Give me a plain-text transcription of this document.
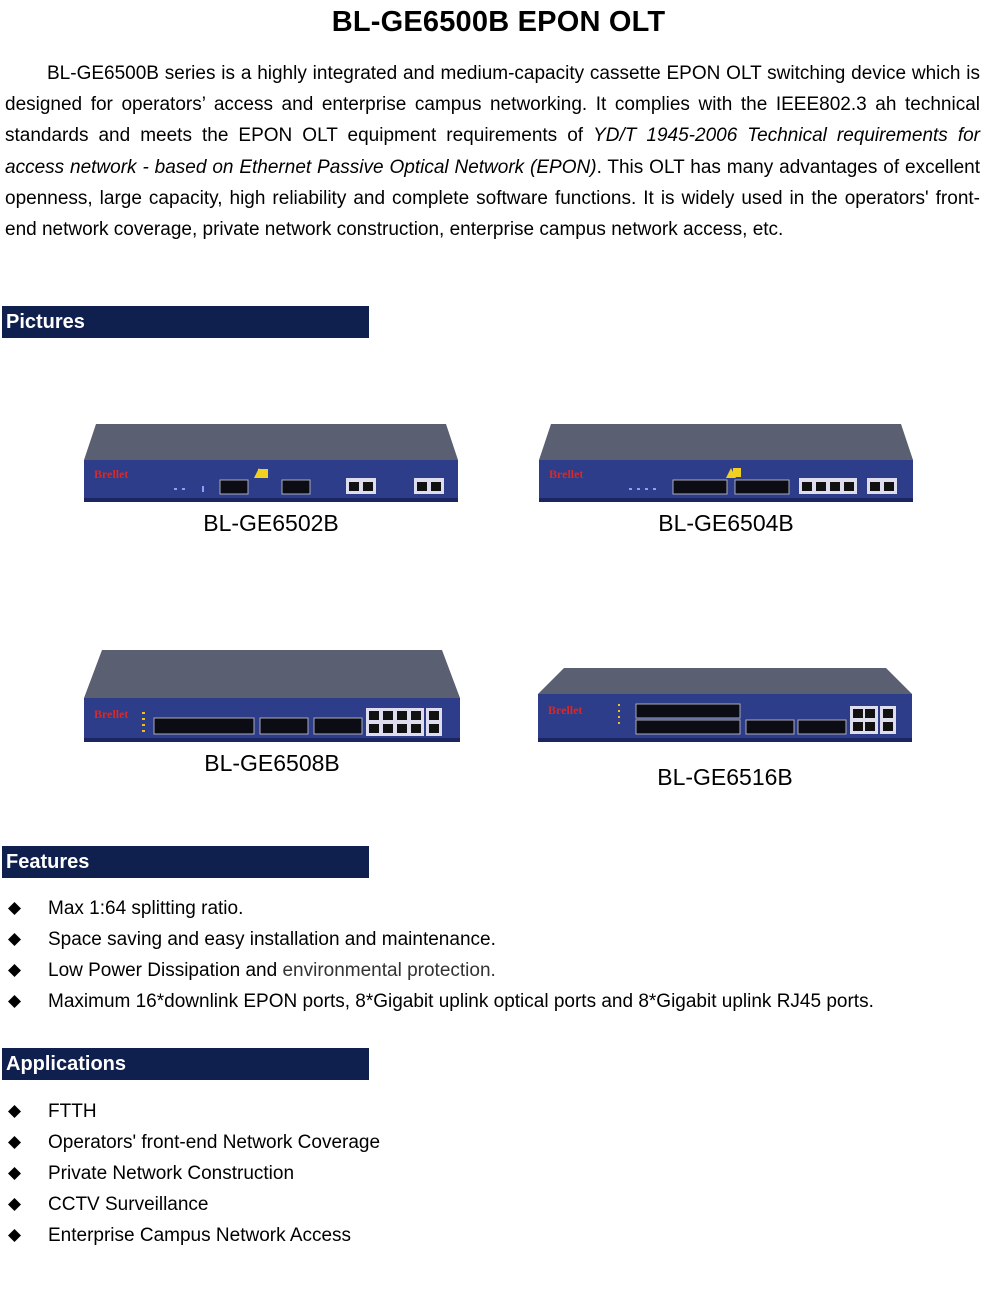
BL-GE6500B EPON OLT
BL-GE6500B series is a highly integrated and medium-capacity cassette EPON OLT switching device which is designed for operators’ access and enterprise campus networking. It complies with the IEEE802.3 ah technical standards and meets the EPON OLT equipment requirements of YD/T 1945-2006 Technical requirements for access network - based on Ethernet Passive Optical Network (EPON). This OLT has many advantages of excellent openness, large capacity, high reliability and complete software functions. It is widely used in the operators' front-end network coverage, private network construction, enterprise campus network access, etc.
Pictures
Brellet
BL-GE6502B
Brellet
BL-GE6504B
Brellet
BL-GE6508B
Brellet
BL-GE6516B
Features
Max 1:64 splitting ratio.
Space saving and easy installation and maintenance.
Low Power Dissipation and environmental protection.
Maximum 16*downlink EPON ports, 8*Gigabit uplink optical ports and 8*Gigabit uplink RJ45 ports.
Applications
FTTH
Operators' front-end Network Coverage
Private Network Construction
CCTV Surveillance
Enterprise Campus Network Access
